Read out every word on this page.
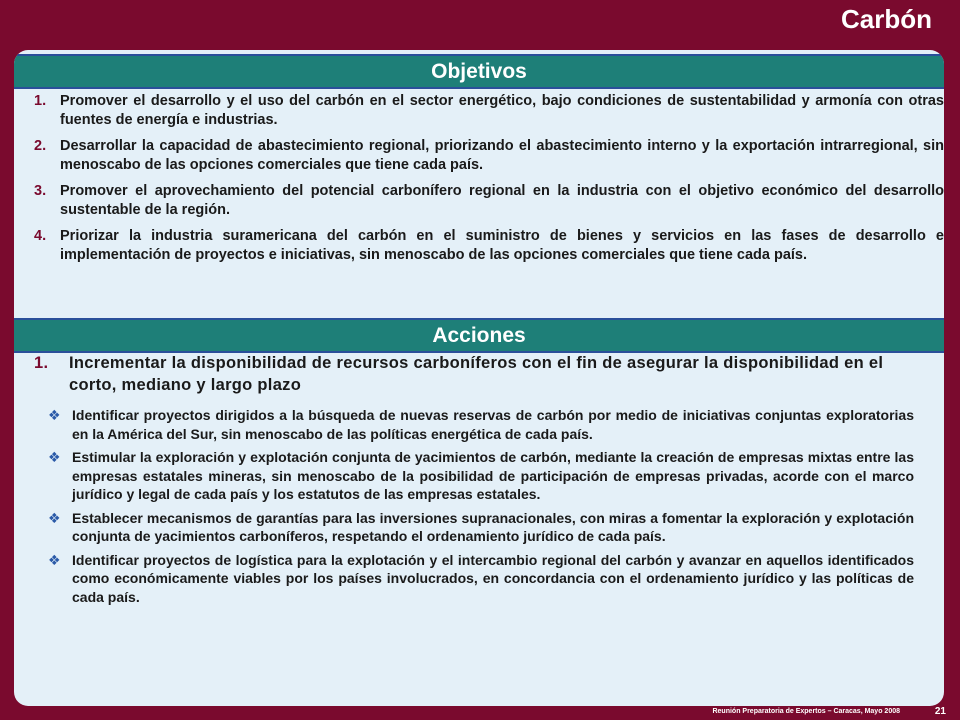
Carbón
Objetivos
1. Promover el desarrollo y el uso del carbón en el sector energético, bajo condiciones de sustentabilidad y armonía con otras fuentes de energía e industrias.
2. Desarrollar la capacidad de abastecimiento regional, priorizando el abastecimiento interno y la exportación intrarregional, sin menoscabo de las opciones comerciales que tiene cada país.
3. Promover el aprovechamiento del potencial carbonífero regional en la industria con el objetivo económico del desarrollo sustentable de la región.
4. Priorizar la industria suramericana del carbón en el suministro de bienes y servicios en las fases de desarrollo e implementación de proyectos e iniciativas, sin menoscabo de las opciones comerciales que tiene cada país.
Acciones
1.	Incrementar la disponibilidad de recursos carboníferos con el fin de asegurar la disponibilidad en el corto, mediano y largo plazo
❖ Identificar proyectos dirigidos a la búsqueda de nuevas reservas de carbón por medio de iniciativas conjuntas exploratorias en la América del Sur, sin menoscabo de las políticas energética de cada país.
❖ Estimular la exploración y explotación conjunta de yacimientos de carbón, mediante la creación de empresas mixtas entre las empresas estatales mineras, sin menoscabo de la posibilidad de participación de empresas privadas, acorde con el marco jurídico y legal de cada país y los estatutos de las empresas estatales.
❖ Establecer mecanismos de garantías para las inversiones supranacionales, con miras a fomentar la exploración y explotación conjunta de yacimientos carboníferos, respetando el ordenamiento jurídico de cada país.
❖ Identificar proyectos de logística para la explotación y el intercambio regional del carbón y avanzar en aquellos identificados como económicamente viables por los países involucrados, en concordancia con el ordenamiento jurídico y las políticas de cada país.
Reunión Preparatoria de Expertos – Caracas, Mayo 2008	21
